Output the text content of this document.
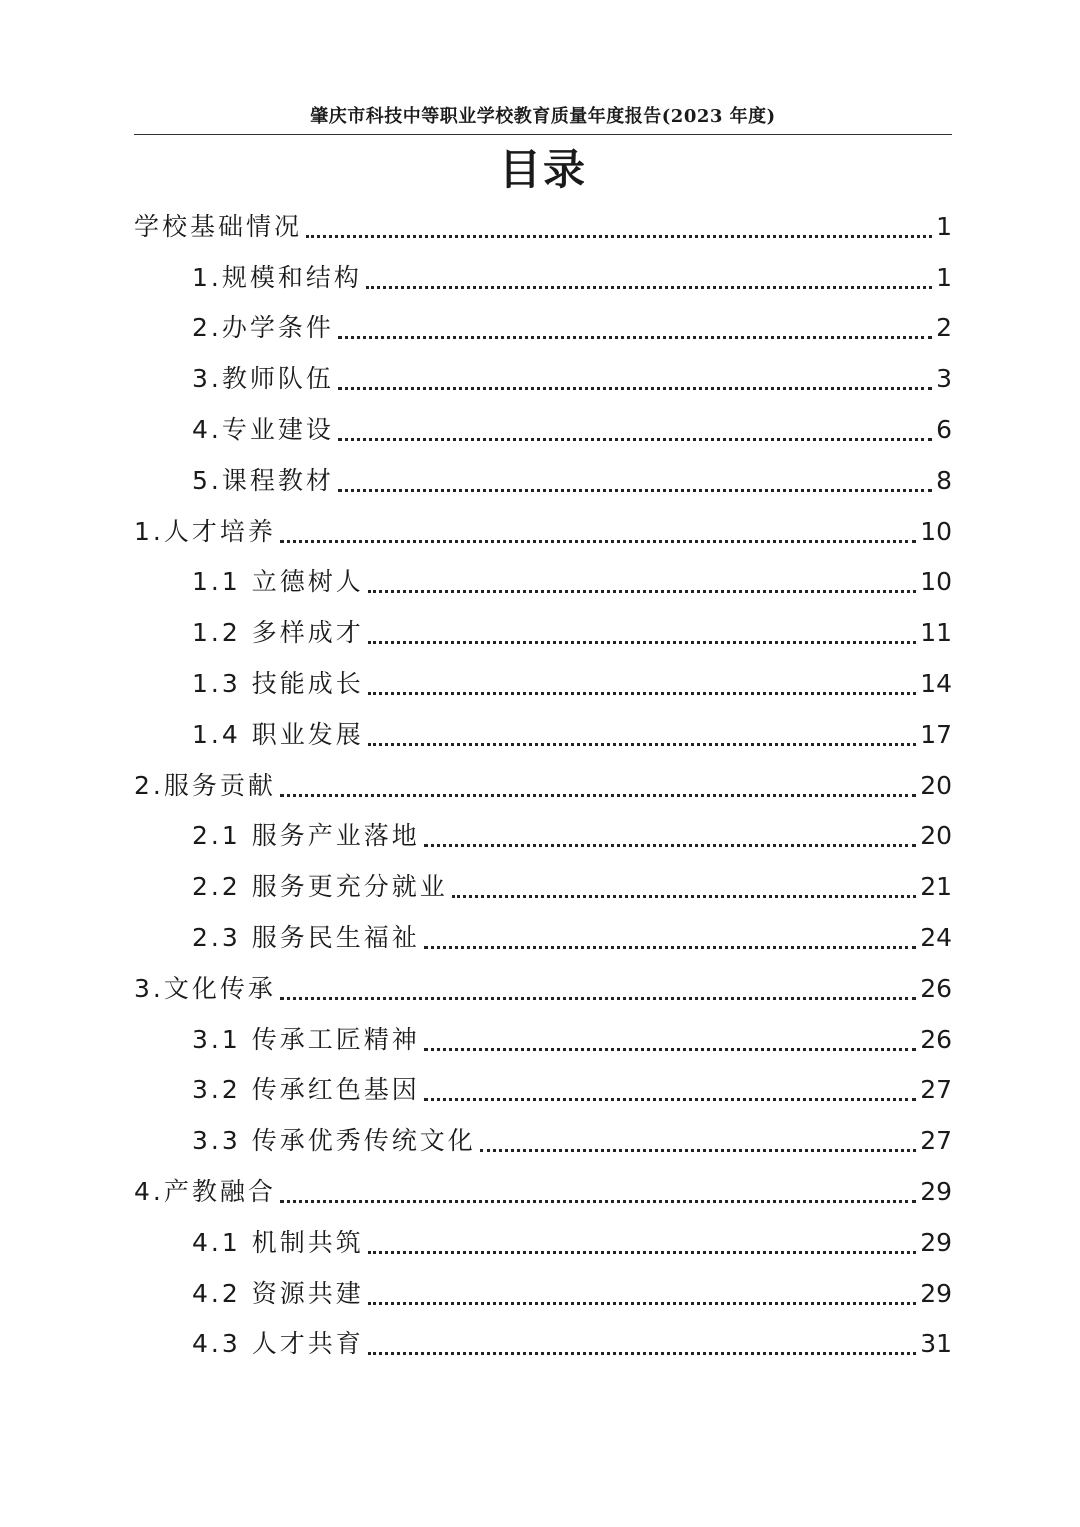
肇庆市科技中等职业学校教育质量年度报告(2023 年度)
目录
学校基础情况	1
1.规模和结构	1
2.办学条件	2
3.教师队伍	3
4.专业建设	6
5.课程教材	8
1.人才培养	10
1.1 立德树人	10
1.2 多样成才	11
1.3 技能成长	14
1.4 职业发展	17
2.服务贡献	20
2.1 服务产业落地	20
2.2 服务更充分就业	21
2.3 服务民生福祉	24
3.文化传承	26
3.1 传承工匠精神	26
3.2 传承红色基因	27
3.3 传承优秀传统文化	27
4.产教融合	29
4.1 机制共筑	29
4.2 资源共建	29
4.3 人才共育	31
